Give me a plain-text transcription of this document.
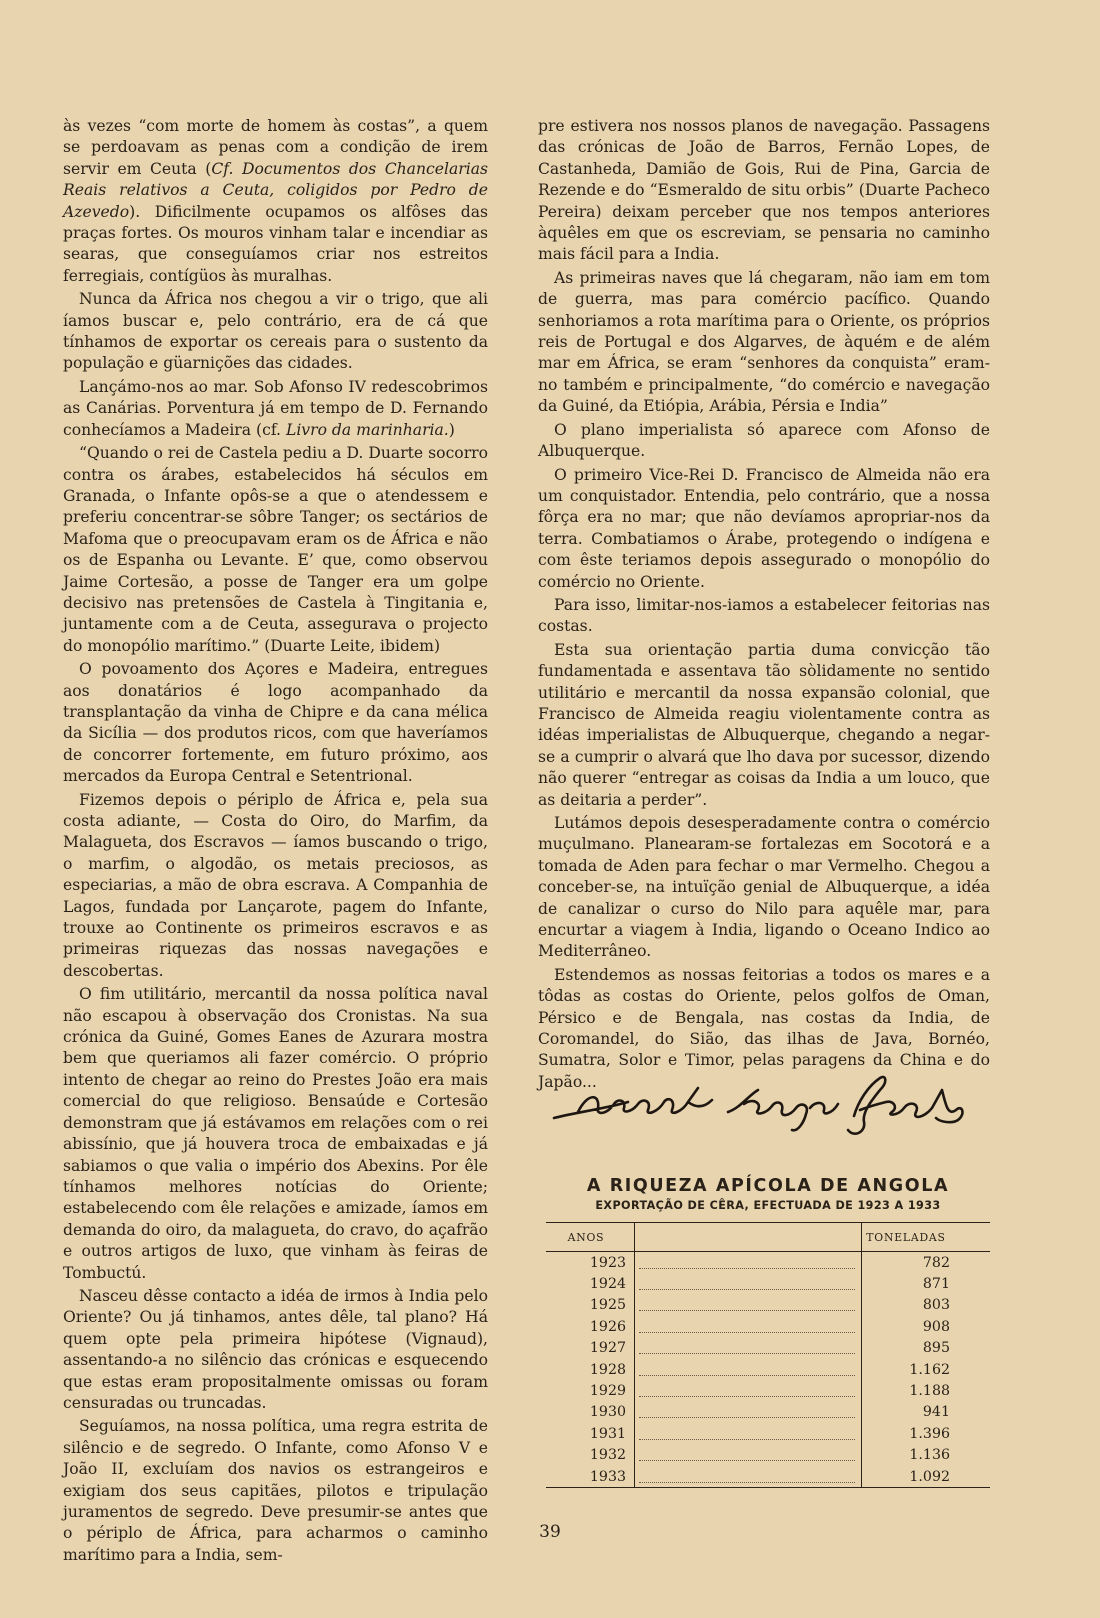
às vezes “com morte de homem às costas”, a quem se perdoavam as penas com a condição de irem servir em Ceuta (Cf. Documentos dos Chancelarias Reais relativos a Ceuta, coligidos por Pedro de Azevedo). Dificilmente ocupamos os alfôses das praças fortes. Os mouros vinham talar e incendiar as searas, que conseguíamos criar nos estreitos ferregiais, contígüos às muralhas.

Nunca da África nos chegou a vir o trigo, que ali íamos buscar e, pelo contrário, era de cá que tínhamos de exportar os cereais para o sustento da população e güarnições das cidades.

Lançámo-nos ao mar. Sob Afonso IV redescobrimos as Canárias. Porventura já em tempo de D. Fernando conhecíamos a Madeira (cf. Livro da marinharia.)

“Quando o rei de Castela pediu a D. Duarte socorro contra os árabes, estabelecidos há séculos em Granada, o Infante opôs-se a que o atendessem e preferiu concentrar-se sôbre Tanger; os sectários de Mafoma que o preocupavam eram os de África e não os de Espanha ou Levante. E’ que, como observou Jaime Cortesão, a posse de Tanger era um golpe decisivo nas pretensões de Castela à Tingitania e, juntamente com a de Ceuta, assegurava o projecto do monopólio marítimo.” (Duarte Leite, ibidem)

O povoamento dos Açores e Madeira, entregues aos donatários é logo acompanhado da transplantação da vinha de Chipre e da cana mélica da Sicília — dos produtos ricos, com que haveríamos de concorrer fortemente, em futuro próximo, aos mercados da Europa Central e Setentrional.

Fizemos depois o périplo de África e, pela sua costa adiante, — Costa do Oiro, do Marfim, da Malagueta, dos Escravos — íamos buscando o trigo, o marfim, o algodão, os metais preciosos, as especiarias, a mão de obra escrava. A Companhia de Lagos, fundada por Lançarote, pagem do Infante, trouxe ao Continente os primeiros escravos e as primeiras riquezas das nossas navegações e descobertas.

O fim utilitário, mercantil da nossa política naval não escapou à observação dos Cronistas. Na sua crónica da Guiné, Gomes Eanes de Azurara mostra bem que queriamos ali fazer comércio. O próprio intento de chegar ao reino do Prestes João era mais comercial do que religioso. Bensaúde e Cortesão demonstram que já estávamos em relações com o rei abissínio, que já houvera troca de embaixadas e já sabiamos o que valia o império dos Abexins. Por êle tínhamos melhores notícias do Oriente; estabelecendo com êle relações e amizade, íamos em demanda do oiro, da malagueta, do cravo, do açafrão e outros artigos de luxo, que vinham às feiras de Tombuctú.

Nasceu dêsse contacto a idéa de irmos à India pelo Oriente? Ou já tinhamos, antes dêle, tal plano? Há quem opte pela primeira hipótese (Vignaud), assentando-a no silêncio das crónicas e esquecendo que estas eram propositalmente omissas ou foram censuradas ou truncadas.

Seguíamos, na nossa política, uma regra estrita de silêncio e de segredo. O Infante, como Afonso V e João II, excluíam dos navios os estrangeiros e exigiam dos seus capitães, pilotos e tripulação juramentos de segredo. Deve presumir-se antes que o périplo de África, para acharmos o caminho marítimo para a India, sem-

pre estivera nos nossos planos de navegação. Passagens das crónicas de João de Barros, Fernão Lopes, de Castanheda, Damião de Gois, Rui de Pina, Garcia de Rezende e do “Esmeraldo de situ orbis” (Duarte Pacheco Pereira) deixam perceber que nos tempos anteriores àquêles em que os escreviam, se pensaria no caminho mais fácil para a India.

As primeiras naves que lá chegaram, não iam em tom de guerra, mas para comércio pacífico. Quando senhoriamos a rota marítima para o Oriente, os próprios reis de Portugal e dos Algarves, de àquém e de além mar em África, se eram “senhores da conquista” eram-no também e principalmente, “do comércio e navegação da Guiné, da Etiópia, Arábia, Pérsia e India”

O plano imperialista só aparece com Afonso de Albuquerque.

O primeiro Vice-Rei D. Francisco de Almeida não era um conquistador. Entendia, pelo contrário, que a nossa fôrça era no mar; que não devíamos apropriar-nos da terra. Combatiamos o Árabe, protegendo o indígena e com êste teriamos depois assegurado o monopólio do comércio no Oriente.

Para isso, limitar-nos-iamos a estabelecer feitorias nas costas.

Esta sua orientação partia duma convicção tão fundamentada e assentava tão sòlidamente no sentido utilitário e mercantil da nossa expansão colonial, que Francisco de Almeida reagiu violentamente contra as idéas imperialistas de Albuquerque, chegando a negar-se a cumprir o alvará que lho dava por sucessor, dizendo não querer “entregar as coisas da India a um louco, que as deitaria a perder”.

Lutámos depois desesperadamente contra o comércio muçulmano. Planearam-se fortalezas em Socotorá e a tomada de Aden para fechar o mar Vermelho. Chegou a conceber-se, na intuïção genial de Albuquerque, a idéa de canalizar o curso do Nilo para aquêle mar, para encurtar a viagem à India, ligando o Oceano Indico ao Mediterrâneo.

Estendemos as nossas feitorias a todos os mares e a tôdas as costas do Oriente, pelos golfos de Oman, Pérsico e de Bengala, nas costas da India, de Coromandel, do Sião, das ilhas de Java, Bornéo, Sumatra, Solor e Timor, pelas paragens da China e do Japão...

A RIQUEZA APÍCOLA DE ANGOLA

EXPORTAÇÃO DE CÊRA, EFECTUADA DE 1923 A 1933

ANOS		TONELADAS
1923		782
1924		871
1925		803
1926		908
1927		895
1928		1.162
1929		1.188
1930		941
1931		1.396
1932		1.136
1933		1.092
39
